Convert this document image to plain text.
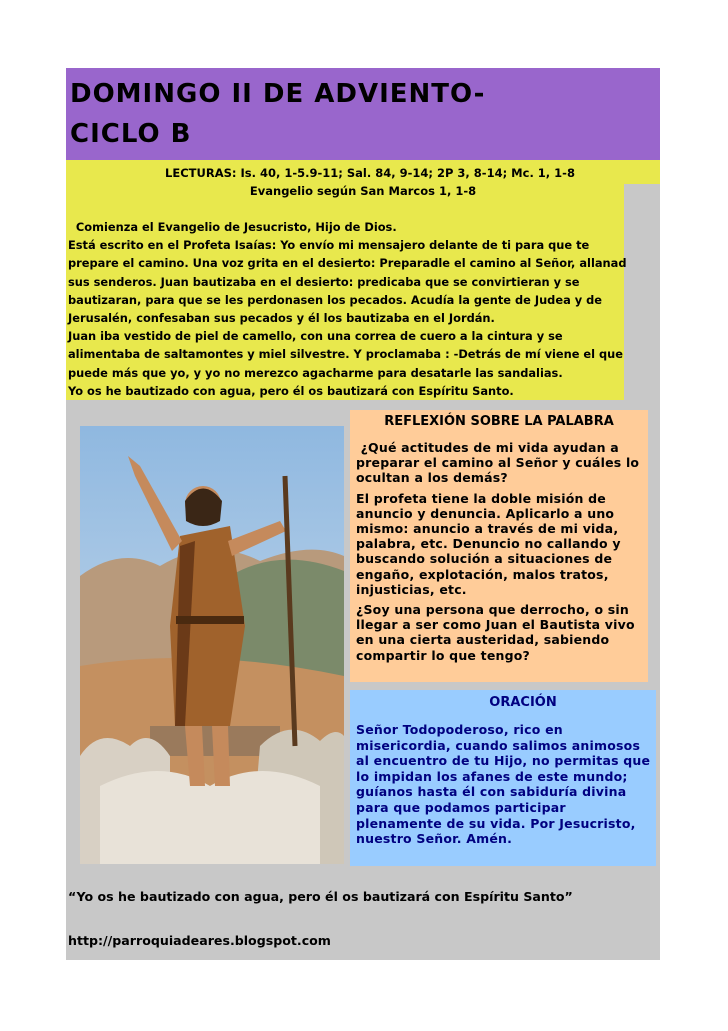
DOMINGO II DE ADVIENTO-
CICLO B

LECTURAS: Is. 40, 1-5.9-11; Sal. 84, 9-14; 2P 3, 8-14; Mc. 1, 1-8

Evangelio según San Marcos 1, 1-8

Comienza el Evangelio de Jesucristo, Hijo de Dios.
Está escrito en el Profeta Isaías: Yo envío mi mensajero delante de ti para que te
prepare el camino. Una voz grita en el desierto: Preparadle el camino al Señor, allanad
sus senderos. Juan bautizaba en el desierto: predicaba que se convirtieran y se
bautizaran, para que se les perdonasen los pecados. Acudía la gente de Judea y de
Jerusalén, confesaban sus pecados y él los bautizaba en el Jordán.
Juan iba vestido de piel de camello, con una correa de cuero a la cintura y se
alimentaba de saltamontes y miel silvestre. Y proclamaba : -Detrás de mí viene el que
puede más que yo, y yo no merezco agacharme para desatarle las sandalias.
Yo os he bautizado con agua, pero él os bautizará con Espíritu Santo.
REFLEXIÓN SOBRE LA PALABRA

¿Qué actitudes de mi vida ayudan a preparar el camino al Señor y cuáles lo ocultan a los demás?

El profeta tiene la doble misión de anuncio y denuncia. Aplicarlo a uno mismo: anuncio a través de mi vida, palabra, etc. Denuncio no callando y buscando solución a situaciones de engaño, explotación, malos tratos, injusticias, etc.

¿Soy una persona que derrocho, o sin llegar a ser como Juan el Bautista vivo en una cierta austeridad, sabiendo compartir lo que tengo?

ORACIÓN

Señor Todopoderoso, rico en misericordia, cuando salimos animosos al encuentro de tu Hijo, no permitas que lo impidan los afanes de este mundo; guíanos hasta él con sabiduría divina para que podamos participar plenamente de su vida. Por Jesucristo, nuestro Señor. Amén.

“Yo os he bautizado con agua, pero él os bautizará con Espíritu Santo”

http://parroquiadeares.blogspot.com
